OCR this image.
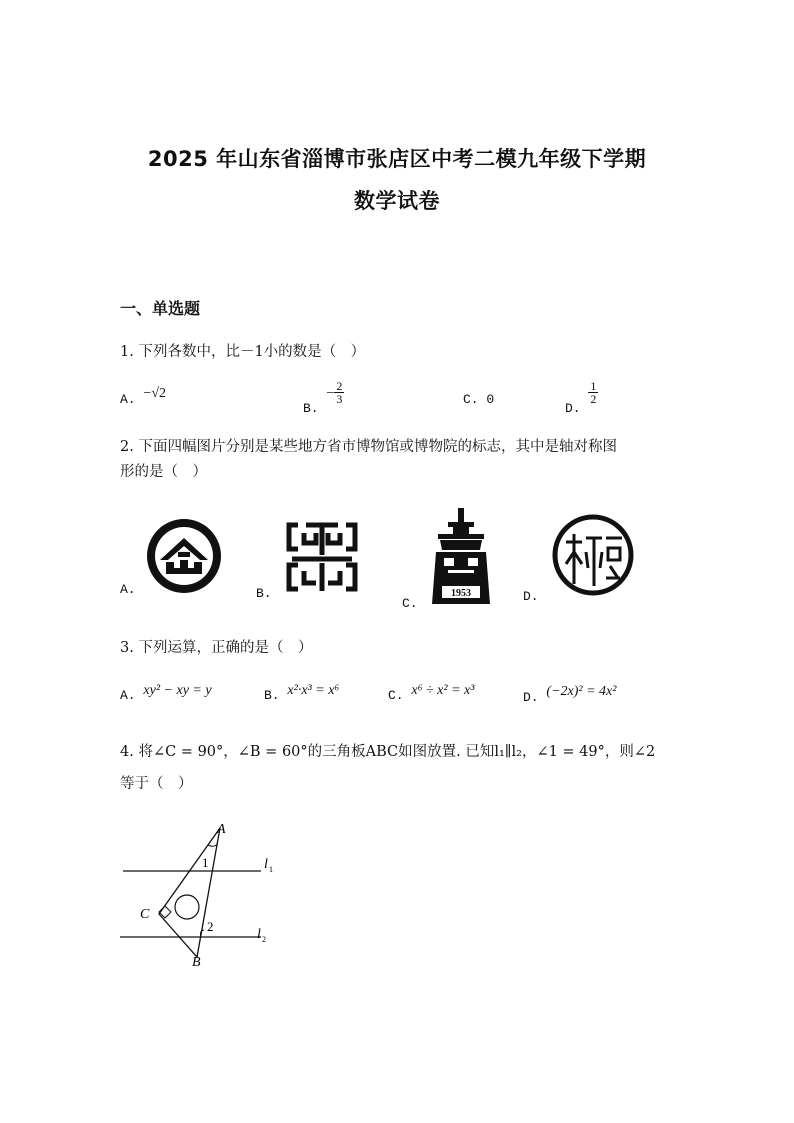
2025 年山东省淄博市张店区中考二模九年级下学期
数学试卷
一、单选题
1. 下列各数中，比－1小的数是（　）
A. −√2
B. − $\frac{2}{3}$	C. 0
D.
$\frac{1}{2}$
2. 下面四幅图片分别是某些地方省市博物馆或博物院的标志，其中是轴对称图
形的是（　）
A.	B.
C.
1953	D.
3. 下列运算，正确的是（　）
A. xy² − xy = y	B. x²·x³ = x⁶	C. x⁶ ÷ x² = x³	D. (−2x)² = 4x²
4. 将∠C = 90°，∠B = 60°的三角板ABC如图放置. 已知l₁∥l₂，∠1 = 49°，则∠2
等于（　）
A
C
B
1
2
l 1
l 2
